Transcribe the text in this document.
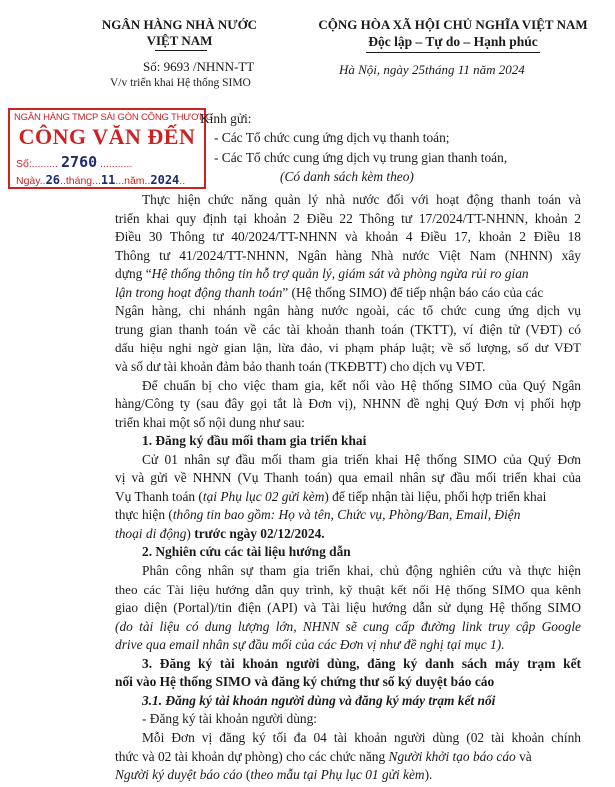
NGÂN HÀNG NHÀ NƯỚC
VIỆT NAM
CỘNG HÒA XÃ HỘI CHỦ NGHĨA VIỆT NAM
Độc lập – Tự do – Hạnh phúc
Số: 9693 /NHNN-TT
V/v triển khai Hệ thống SIMO
Hà Nội, ngày 25tháng 11 năm 2024
NGÂN HÀNG TMCP SÀI GÒN CÔNG THƯƠNG
CÔNG VĂN ĐẾN
Số:......... 2760 ...........
Ngày..26..tháng...11...năm..2024..
Kính gửi:
- Các Tổ chức cung ứng dịch vụ thanh toán;
- Các Tổ chức cung ứng dịch vụ trung gian thanh toán,
(Có danh sách kèm theo)
Thực hiện chức năng quản lý nhà nước đối với hoạt động thanh toán và
triển khai quy định tại khoản 2 Điều 22 Thông tư 17/2024/TT-NHNN, khoản 2
Điều 30 Thông tư 40/2024/TT-NHNN và khoản 4 Điều 17, khoản 2 Điều 18
Thông tư 41/2024/TT-NHNN, Ngân hàng Nhà nước Việt Nam (NHNN) xây
dựng “Hệ thống thông tin hỗ trợ quản lý, giám sát và phòng ngừa rủi ro gian
lận trong hoạt động thanh toán” (Hệ thống SIMO) để tiếp nhận báo cáo của các
Ngân hàng, chi nhánh ngân hàng nước ngoài, các tổ chức cung ứng dịch vụ
trung gian thanh toán về các tài khoản thanh toán (TKTT), ví điện tử (VĐT) có
dấu hiệu nghi ngờ gian lận, lừa đảo, vi phạm pháp luật; về số lượng, số dư VĐT
và số dư tài khoản đảm bảo thanh toán (TKĐBTT) cho dịch vụ VĐT.
Để chuẩn bị cho việc tham gia, kết nối vào Hệ thống SIMO của Quý Ngân
hàng/Công ty (sau đây gọi tắt là Đơn vị), NHNN đề nghị Quý Đơn vị phối hợp
triển khai một số nội dung như sau:
1. Đăng ký đầu mối tham gia triển khai
Cử 01 nhân sự đầu mối tham gia triển khai Hệ thống SIMO của Quý Đơn
vị và gửi về NHNN (Vụ Thanh toán) qua email nhân sự đầu mối triển khai của
Vụ Thanh toán (tại Phụ lục 02 gửi kèm) để tiếp nhận tài liệu, phối hợp triển khai
thực hiện (thông tin bao gồm: Họ và tên, Chức vụ, Phòng/Ban, Email, Điện
thoại di động) trước ngày 02/12/2024.
2. Nghiên cứu các tài liệu hướng dẫn
Phân công nhân sự tham gia triển khai, chủ động nghiên cứu và thực hiện
theo các Tài liệu hướng dẫn quy trình, kỹ thuật kết nối Hệ thống SIMO qua kênh
giao diện (Portal)/tin điện (API) và Tài liệu hướng dẫn sử dụng Hệ thống SIMO
(do tài liệu có dung lượng lớn, NHNN sẽ cung cấp đường link truy cập Google
drive qua email nhân sự đầu mối của các Đơn vị như đề nghị tại mục 1).
3. Đăng ký tài khoản người dùng, đăng ký danh sách máy trạm kết
nối vào Hệ thống SIMO và đăng ký chứng thư số ký duyệt báo cáo
3.1. Đăng ký tài khoản người dùng và đăng ký máy trạm kết nối
- Đăng ký tài khoản người dùng:
Mỗi Đơn vị đăng ký tối đa 04 tài khoản người dùng (02 tài khoản chính
thức và 02 tài khoản dự phòng) cho các chức năng Người khởi tạo báo cáo và
Người ký duyệt báo cáo (theo mẫu tại Phụ lục 01 gửi kèm).
